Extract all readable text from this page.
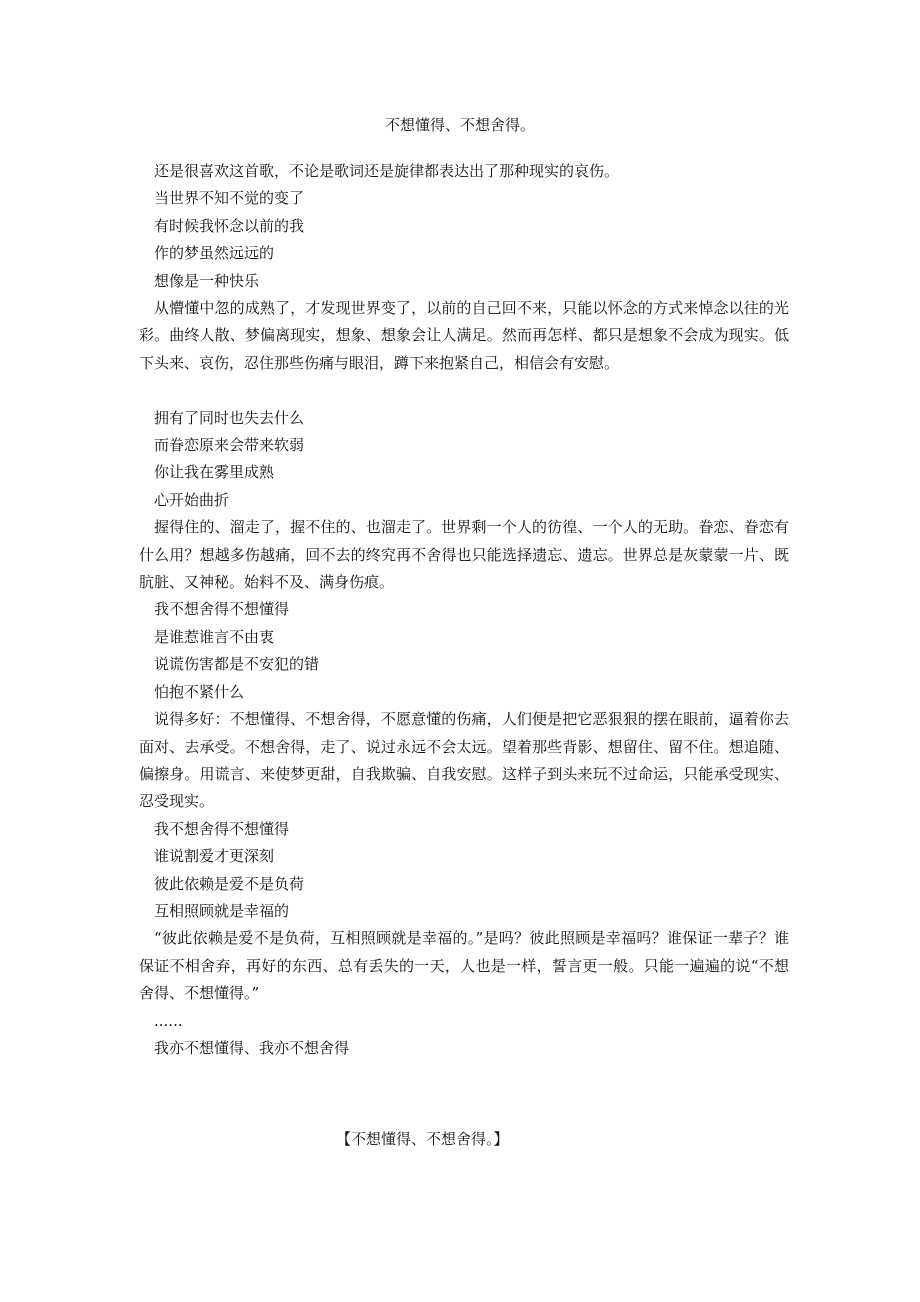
不想懂得、不想舍得。

还是很喜欢这首歌，不论是歌词还是旋律都表达出了那种现实的哀伤。

当世界不知不觉的变了

有时候我怀念以前的我

作的梦虽然远远的

想像是一种快乐

从懵懂中忽的成熟了，才发现世界变了，以前的自己回不来，只能以怀念的方式来悼念以往的光彩。曲终人散、梦偏离现实，想象、想象会让人满足。然而再怎样、都只是想象不会成为现实。低下头来、哀伤，忍住那些伤痛与眼泪，蹲下来抱紧自己，相信会有安慰。

拥有了同时也失去什么

而眷恋原来会带来软弱

你让我在雾里成熟

心开始曲折

握得住的、溜走了，握不住的、也溜走了。世界剩一个人的彷徨、一个人的无助。眷恋、眷恋有什么用？想越多伤越痛，回不去的终究再不舍得也只能选择遗忘、遗忘。世界总是灰蒙蒙一片、既肮脏、又神秘。始料不及、满身伤痕。

我不想舍得不想懂得

是谁惹谁言不由衷

说谎伤害都是不安犯的错

怕抱不紧什么

说得多好：不想懂得、不想舍得，不愿意懂的伤痛，人们便是把它恶狠狠的摆在眼前，逼着你去面对、去承受。不想舍得，走了、说过永远不会太远。望着那些背影、想留住、留不住。想追随、偏擦身。用谎言、来使梦更甜，自我欺骗、自我安慰。这样子到头来玩不过命运，只能承受现实、忍受现实。

我不想舍得不想懂得

谁说割爱才更深刻

彼此依赖是爱不是负荷

互相照顾就是幸福的

“彼此依赖是爱不是负荷，互相照顾就是幸福的。”是吗？彼此照顾是幸福吗？谁保证一辈子？谁保证不相舍弃，再好的东西、总有丢失的一天，人也是一样，誓言更一般。只能一遍遍的说“不想舍得、不想懂得。”

......

我亦不想懂得、我亦不想舍得

【不想懂得、不想舍得。】
